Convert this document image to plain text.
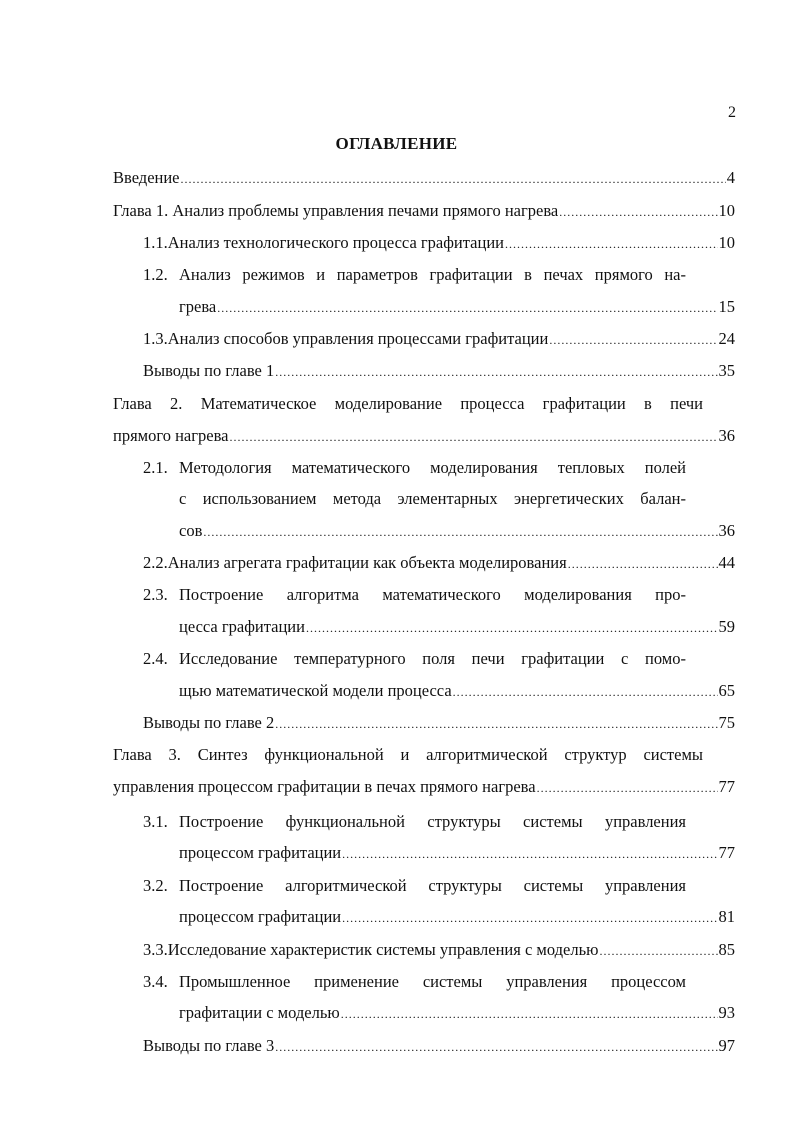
2
ОГЛАВЛЕНИЕ
Введение .....	4
Глава 1. Анализ проблемы управления печами прямого нагрева .....	10
1.1. Анализ технологического процесса графитации .....	10
1.2. Анализ режимов и параметров графитации в печах прямого на-
грева .....	15
1.3. Анализ способов управления процессами графитации .....	24
Выводы по главе 1 .....	35
Глава 2. Математическое моделирование процесса графитации в печи
прямого нагрева .....	36
2.1. Методология математического моделирования тепловых полей
с использованием метода элементарных энергетических балан-
сов .....	36
2.2. Анализ агрегата графитации как объекта моделирования .....	44
2.3. Построение алгоритма математического моделирования про-
цесса графитации .....	59
2.4. Исследование температурного поля печи графитации с помо-
щью математической модели процесса .....	65
Выводы по главе 2 .....	75
Глава 3. Синтез функциональной и алгоритмической структур системы
управления процессом графитации в печах прямого нагрева .....	77
3.1. Построение функциональной структуры системы управления
процессом графитации .....	77
3.2. Построение алгоритмической структуры системы управления
процессом графитации .....	81
3.3. Исследование характеристик системы управления с моделью .....	85
3.4. Промышленное применение системы управления процессом
графитации с моделью .....	93
Выводы по главе 3 .....	97
